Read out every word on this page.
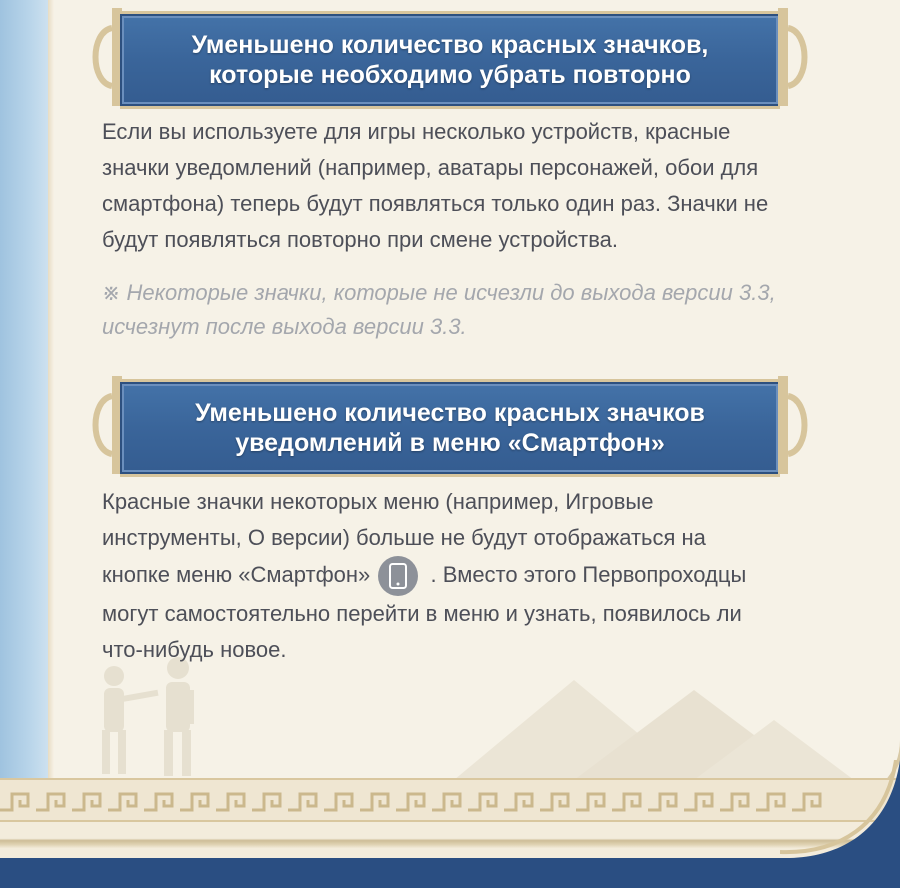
Уменьшено количество красных значков,
которые необходимо убрать повторно
Если вы используете для игры несколько устройств, красные
значки уведомлений (например, аватары персонажей, обои для
смартфона) теперь будут появляться только один раз. Значки не
будут появляться повторно при смене устройства.
※ Некоторые значки, которые не исчезли до выхода версии 3.3,
исчезнут после выхода версии 3.3.
Уменьшено количество красных значков
уведомлений в меню «Смартфон»
Красные значки некоторых меню (например, Игровые
инструменты, О версии) больше не будут отображаться на
кнопке меню «Смартфон»	. Вместо этого Первопроходцы
могут самостоятельно перейти в меню и узнать, появилось ли
что-нибудь новое.
